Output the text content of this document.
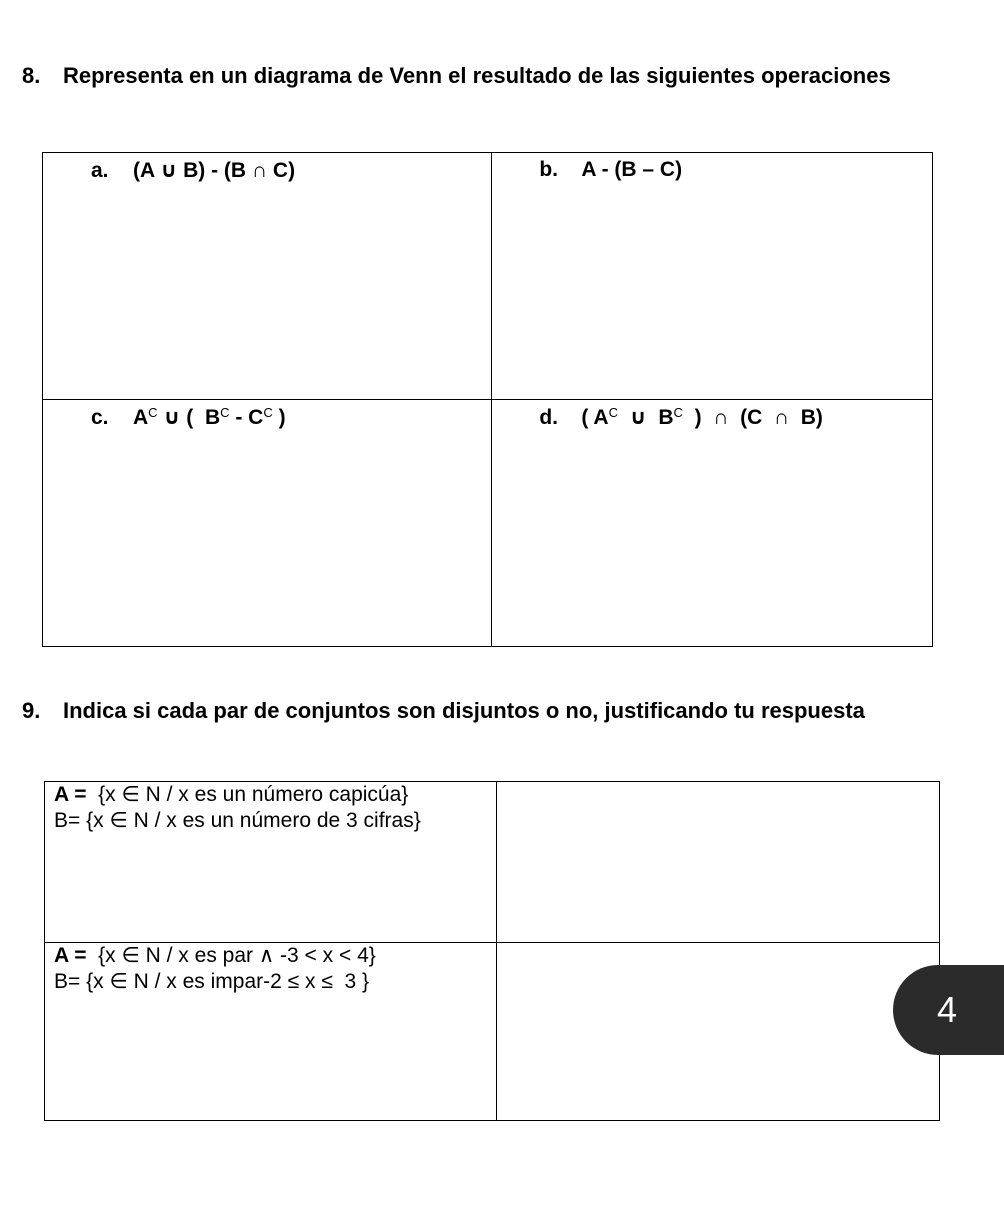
8. Representa en un diagrama de Venn el resultado de las siguientes operaciones
a. (A ∪ B) - (B ∩ C)	b. A - (B – C)

c. $A^C$ ∪ (  $B^C - C^C$ )	d. ( $A^C$  ∪  $B^C$  )  ∩  (C  ∩  B)
9. Indica si cada par de conjuntos son disjuntos o no, justificando tu respuesta
A =  {x ∈ N / x es un número capicúa}
B= {x ∈ N / x es un número de 3 cifras}	

A =  {x ∈ N / x es par ∧ -3 < x < 4}
B= {x ∈ N / x es impar-2 ≤ x ≤  3 }	

4
